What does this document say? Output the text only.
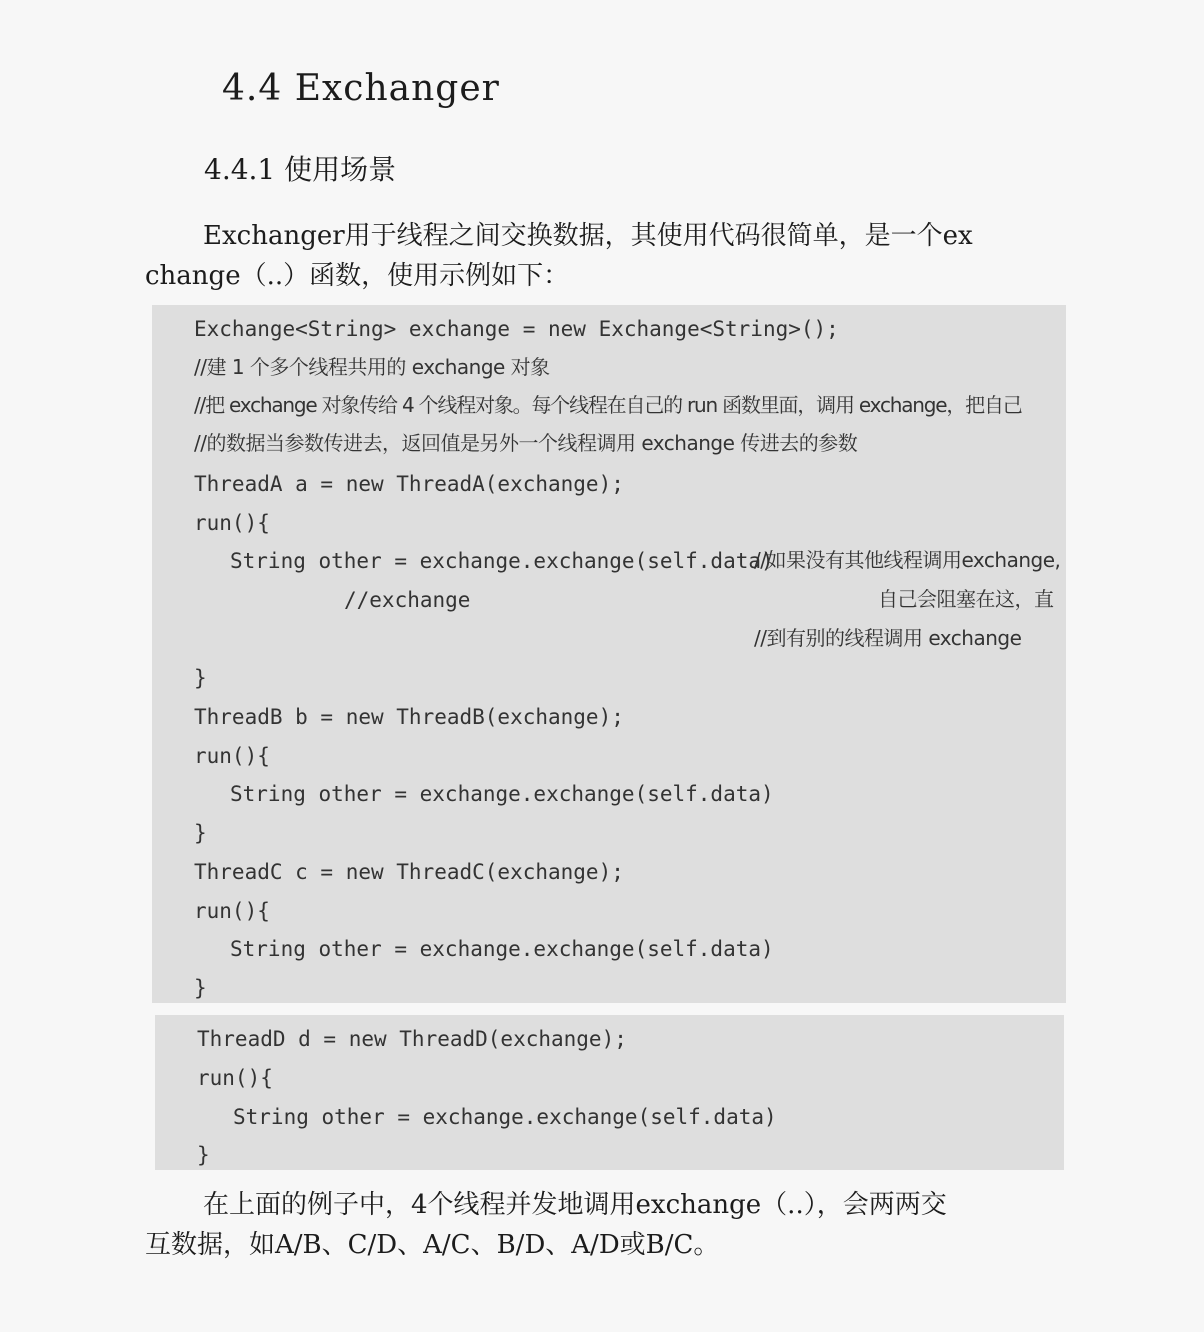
4.4 Exchanger
4.4.1 使用场景
Exchanger用于线程之间交换数据，其使用代码很简单，是一个ex
change（..）函数，使用示例如下：
Exchange<String> exchange = new Exchange<String>();
//建 1 个多个线程共用的 exchange 对象
//把 exchange 对象传给 4 个线程对象。每个线程在自己的 run 函数里面，调用 exchange，把自己
//的数据当参数传进去，返回值是另外一个线程调用 exchange 传进去的参数
ThreadA a = new ThreadA(exchange);
run(){
String other = exchange.exchange(self.data)
//如果没有其他线程调用exchange,
//exchange	自己会阻塞在这，直
//到有别的线程调用 exchange
}
ThreadB b = new ThreadB(exchange);
run(){
String other = exchange.exchange(self.data)
}
ThreadC c = new ThreadC(exchange);
run(){
String other = exchange.exchange(self.data)
}
ThreadD d = new ThreadD(exchange);
run(){
String other = exchange.exchange(self.data)
}
在上面的例子中，4个线程并发地调用exchange（..），会两两交
互数据，如A/B、C/D、A/C、B/D、A/D或B/C。
